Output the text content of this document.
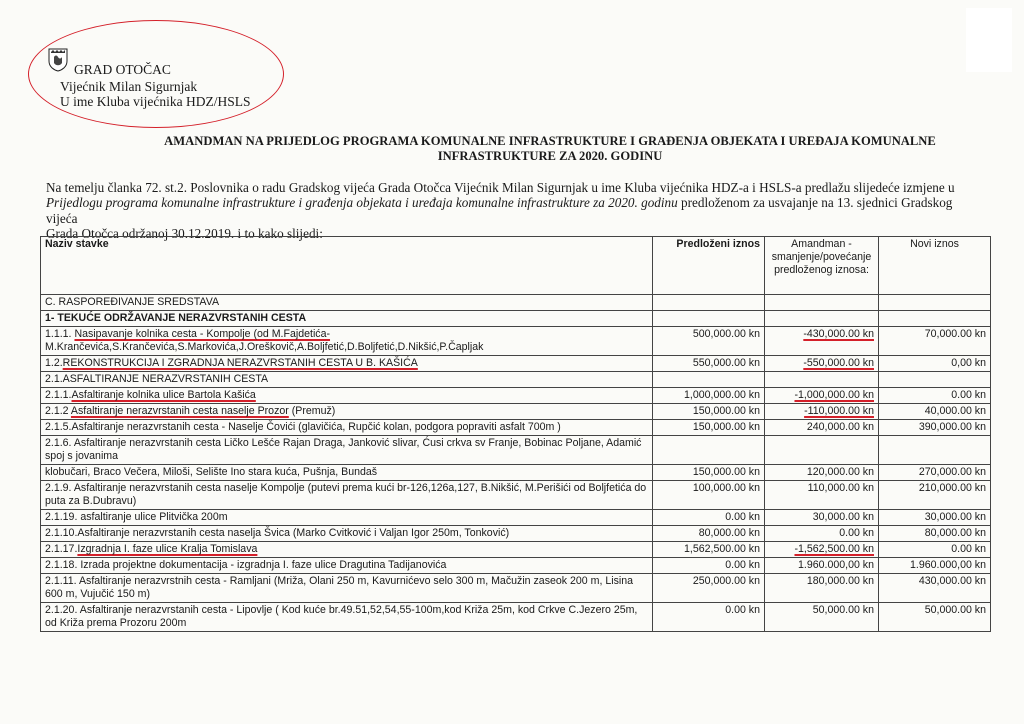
GRAD OTOČAC
Vijećnik Milan Sigurnjak
U ime Kluba vijećnika HDZ/HSLS
AMANDMAN NA PRIJEDLOG PROGRAMA KOMUNALNE INFRASTRUKTURE I GRAĐENJA OBJEKATA I UREĐAJA KOMUNALNE
INFRASTRUKTURE ZA 2020. GODINU
Na temelju članka 72. st.2. Poslovnika o radu Gradskog vijeća Grada Otočca Vijećnik Milan Sigurnjak u ime Kluba vijećnika HDZ-a i HSLS-a predlažu slijedeće izmjene u
Prijedlogu programa komunalne infrastrukture i građenja objekata i uređaja komunalne infrastrukture za 2020. godinu predloženom za usvajanje na 13. sjednici Gradskog vijeća
Grada Otočca održanoj 30.12.2019. i to kako slijedi:
Naziv stavke	Predloženi iznos	Amandman - smanjenje/povećanje predloženog iznosa:	Novi iznos
C. RASPOREĐIVANJE SREDSTAVA			
1- TEKUĆE ODRŽAVANJE NERAZVRSTANIH CESTA			
1.1.1. Nasipavanje kolnika cesta - Kompolje (od M.Fajdetića-
M.Krančevića,S.Krančevića,S.Markovića,J.Oreškovič,A.Boljfetić,D.Boljfetić,D.Nikšić,P.Čapljak	500,000.00 kn	-430,000.00 kn	70,000.00 kn
1.2.REKONSTRUKCIJA I ZGRADNJA NERAZVRSTANIH CESTA U B. KAŠIĆA	550,000.00 kn	-550,000.00 kn	0,00 kn
2.1.ASFALTIRANJE NERAZVRSTANIH CESTA			
2.1.1.Asfaltiranje kolnika ulice Bartola Kašića	1,000,000.00 kn	-1,000,000.00 kn	0.00 kn
2.1.2 Asfaltiranje nerazvrstanih cesta naselje Prozor (Premuž)	150,000.00 kn	-110,000.00 kn	40,000.00 kn
2.1.5.Asfaltiranje nerazvrstanih cesta - Naselje Čovići (glavičića, Rupčić kolan, podgora popraviti asfalt 700m )	150,000.00 kn	240,000.00 kn	390,000.00 kn
2.1.6. Asfaltiranje nerazvrstanih cesta Ličko Lešće Rajan Draga, Janković slivar, Ćusi crkva sv Franje, Bobinac Poljane, Adamić spoj s jovanima			
klobučari, Braco Večera, Miloši, Selište Ino stara kuća, Pušnja, Bundaš	150,000.00 kn	120,000.00 kn	270,000.00 kn
2.1.9. Asfaltiranje nerazvrstanih cesta naselje Kompolje (putevi prema kući br-126,126a,127, B.Nikšić, M.Perišići od Boljfetića do puta za B.Dubravu)	100,000.00 kn	110,000.00 kn	210,000.00 kn
2.1.19. asfaltiranje ulice Plitvička 200m	0.00 kn	30,000.00 kn	30,000.00 kn
2.1.10.Asfaltiranje nerazvrstanih cesta naselja Švica (Marko Cvitković i Valjan Igor 250m, Tonković)	80,000.00 kn	0.00 kn	80,000.00 kn
2.1.17.Izgradnja I. faze ulice Kralja Tomislava	1,562,500.00 kn	-1,562,500.00 kn	0.00 kn
2.1.18. Izrada projektne dokumentacija - izgradnja I. faze ulice Dragutina Tadijanovića	0.00 kn	1.960.000,00 kn	1.960.000,00 kn
2.1.11. Asfaltiranje nerazvrstnih cesta - Ramljani (Mriža, Olani 250 m, Kavurnićevo selo 300 m, Mačužin zaseok 200 m, Lisina 600 m, Vujučić 150 m)	250,000.00 kn	180,000.00 kn	430,000.00 kn
2.1.20. Asfaltiranje nerazvrstanih cesta - Lipovlje ( Kod kuće br.49.51,52,54,55-100m,kod Križa 25m, kod Crkve C.Jezero 25m, od Križa prema Prozoru 200m	0.00 kn	50,000.00 kn	50,000.00 kn
